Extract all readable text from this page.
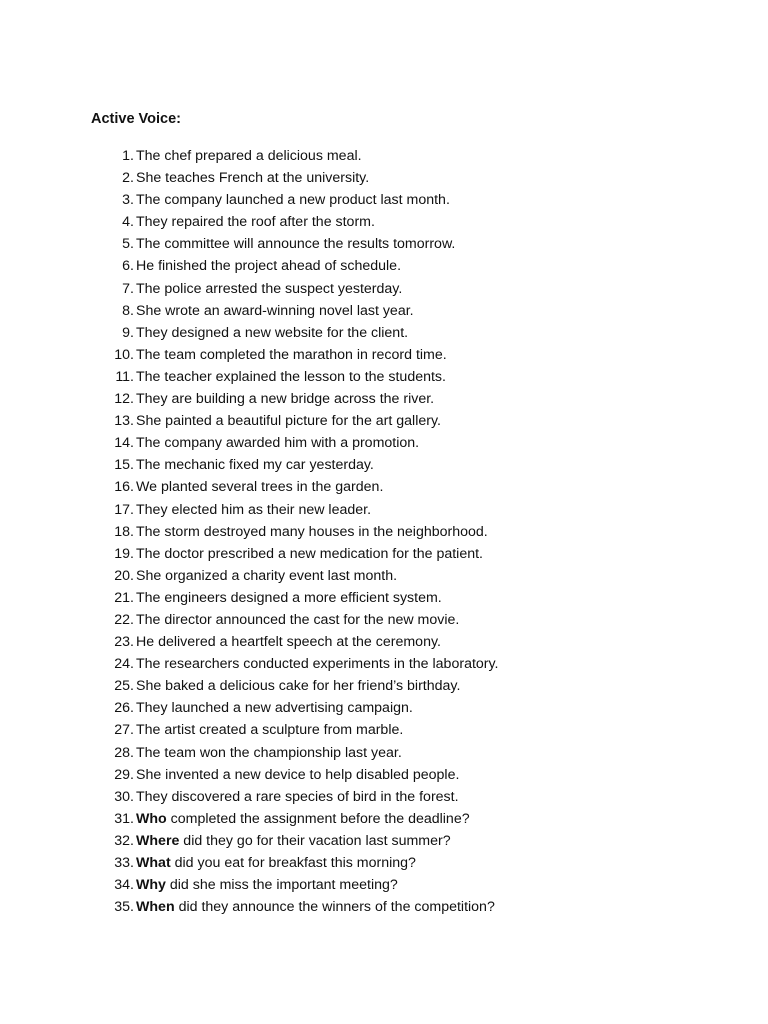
Active Voice:
1. The chef prepared a delicious meal.
2. She teaches French at the university.
3. The company launched a new product last month.
4. They repaired the roof after the storm.
5. The committee will announce the results tomorrow.
6. He finished the project ahead of schedule.
7. The police arrested the suspect yesterday.
8. She wrote an award-winning novel last year.
9. They designed a new website for the client.
10. The team completed the marathon in record time.
11. The teacher explained the lesson to the students.
12. They are building a new bridge across the river.
13. She painted a beautiful picture for the art gallery.
14. The company awarded him with a promotion.
15. The mechanic fixed my car yesterday.
16. We planted several trees in the garden.
17. They elected him as their new leader.
18. The storm destroyed many houses in the neighborhood.
19. The doctor prescribed a new medication for the patient.
20. She organized a charity event last month.
21. The engineers designed a more efficient system.
22. The director announced the cast for the new movie.
23. He delivered a heartfelt speech at the ceremony.
24. The researchers conducted experiments in the laboratory.
25. She baked a delicious cake for her friend’s birthday.
26. They launched a new advertising campaign.
27. The artist created a sculpture from marble.
28. The team won the championship last year.
29. She invented a new device to help disabled people.
30. They discovered a rare species of bird in the forest.
31. Who completed the assignment before the deadline?
32. Where did they go for their vacation last summer?
33. What did you eat for breakfast this morning?
34. Why did she miss the important meeting?
35. When did they announce the winners of the competition?
